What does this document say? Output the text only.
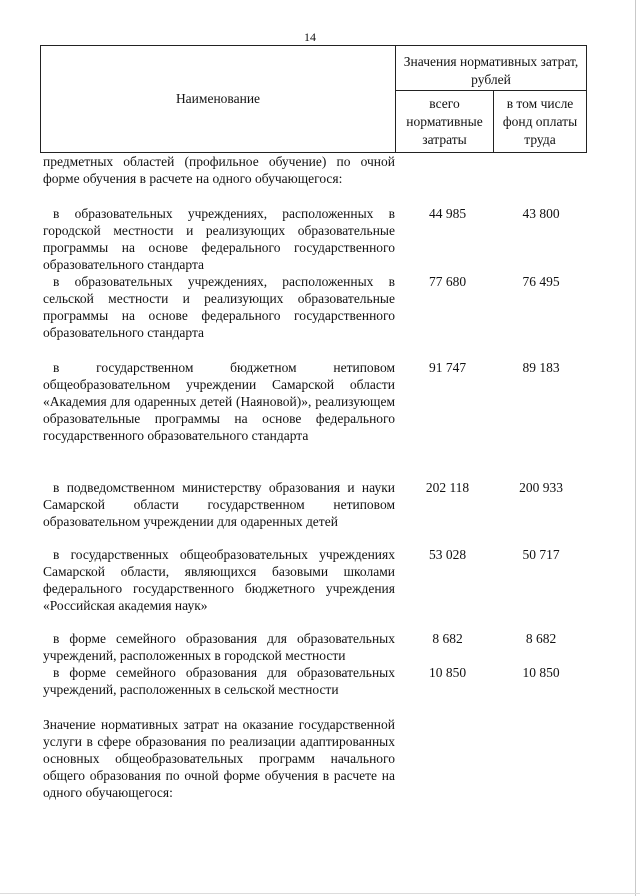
14
Наименование
Значения нормативных затрат, рублей
всего нормативные затраты
в том числе фонд оплаты труда
предметных областей (профильное обучение) по очной форме обучения в расчете на одного обучающегося:
в образовательных учреждениях, расположенных в городской местности и реализующих образовательные программы на основе федерального государственного образовательного стандарта
44 985	43 800
в образовательных учреждениях, расположенных в сельской местности и реализующих образовательные программы на основе федерального государственного образовательного стандарта
77 680	76 495
в государственном бюджетном нетиповом общеобразовательном учреждении Самарской области «Академия для одаренных детей (Наяновой)», реализующем образовательные программы на основе федерального государственного образовательного стандарта
91 747	89 183
в подведомственном министерству образования и науки Самарской области государственном нетиповом образовательном учреждении для одаренных детей
202 118	200 933
в государственных общеобразовательных учреждениях Самарской области, являющихся базовыми школами федерального государственного бюджетного учреждения «Российская академия наук»
53 028	50 717
в форме семейного образования для образовательных учреждений, расположенных в городской местности
8 682	8 682
в форме семейного образования для образовательных учреждений, расположенных в сельской местности
10 850	10 850
Значение нормативных затрат на оказание государственной услуги в сфере образования по реализации адаптированных основных общеобразовательных программ начального общего образования по очной форме обучения в расчете на одного обучающегося:
